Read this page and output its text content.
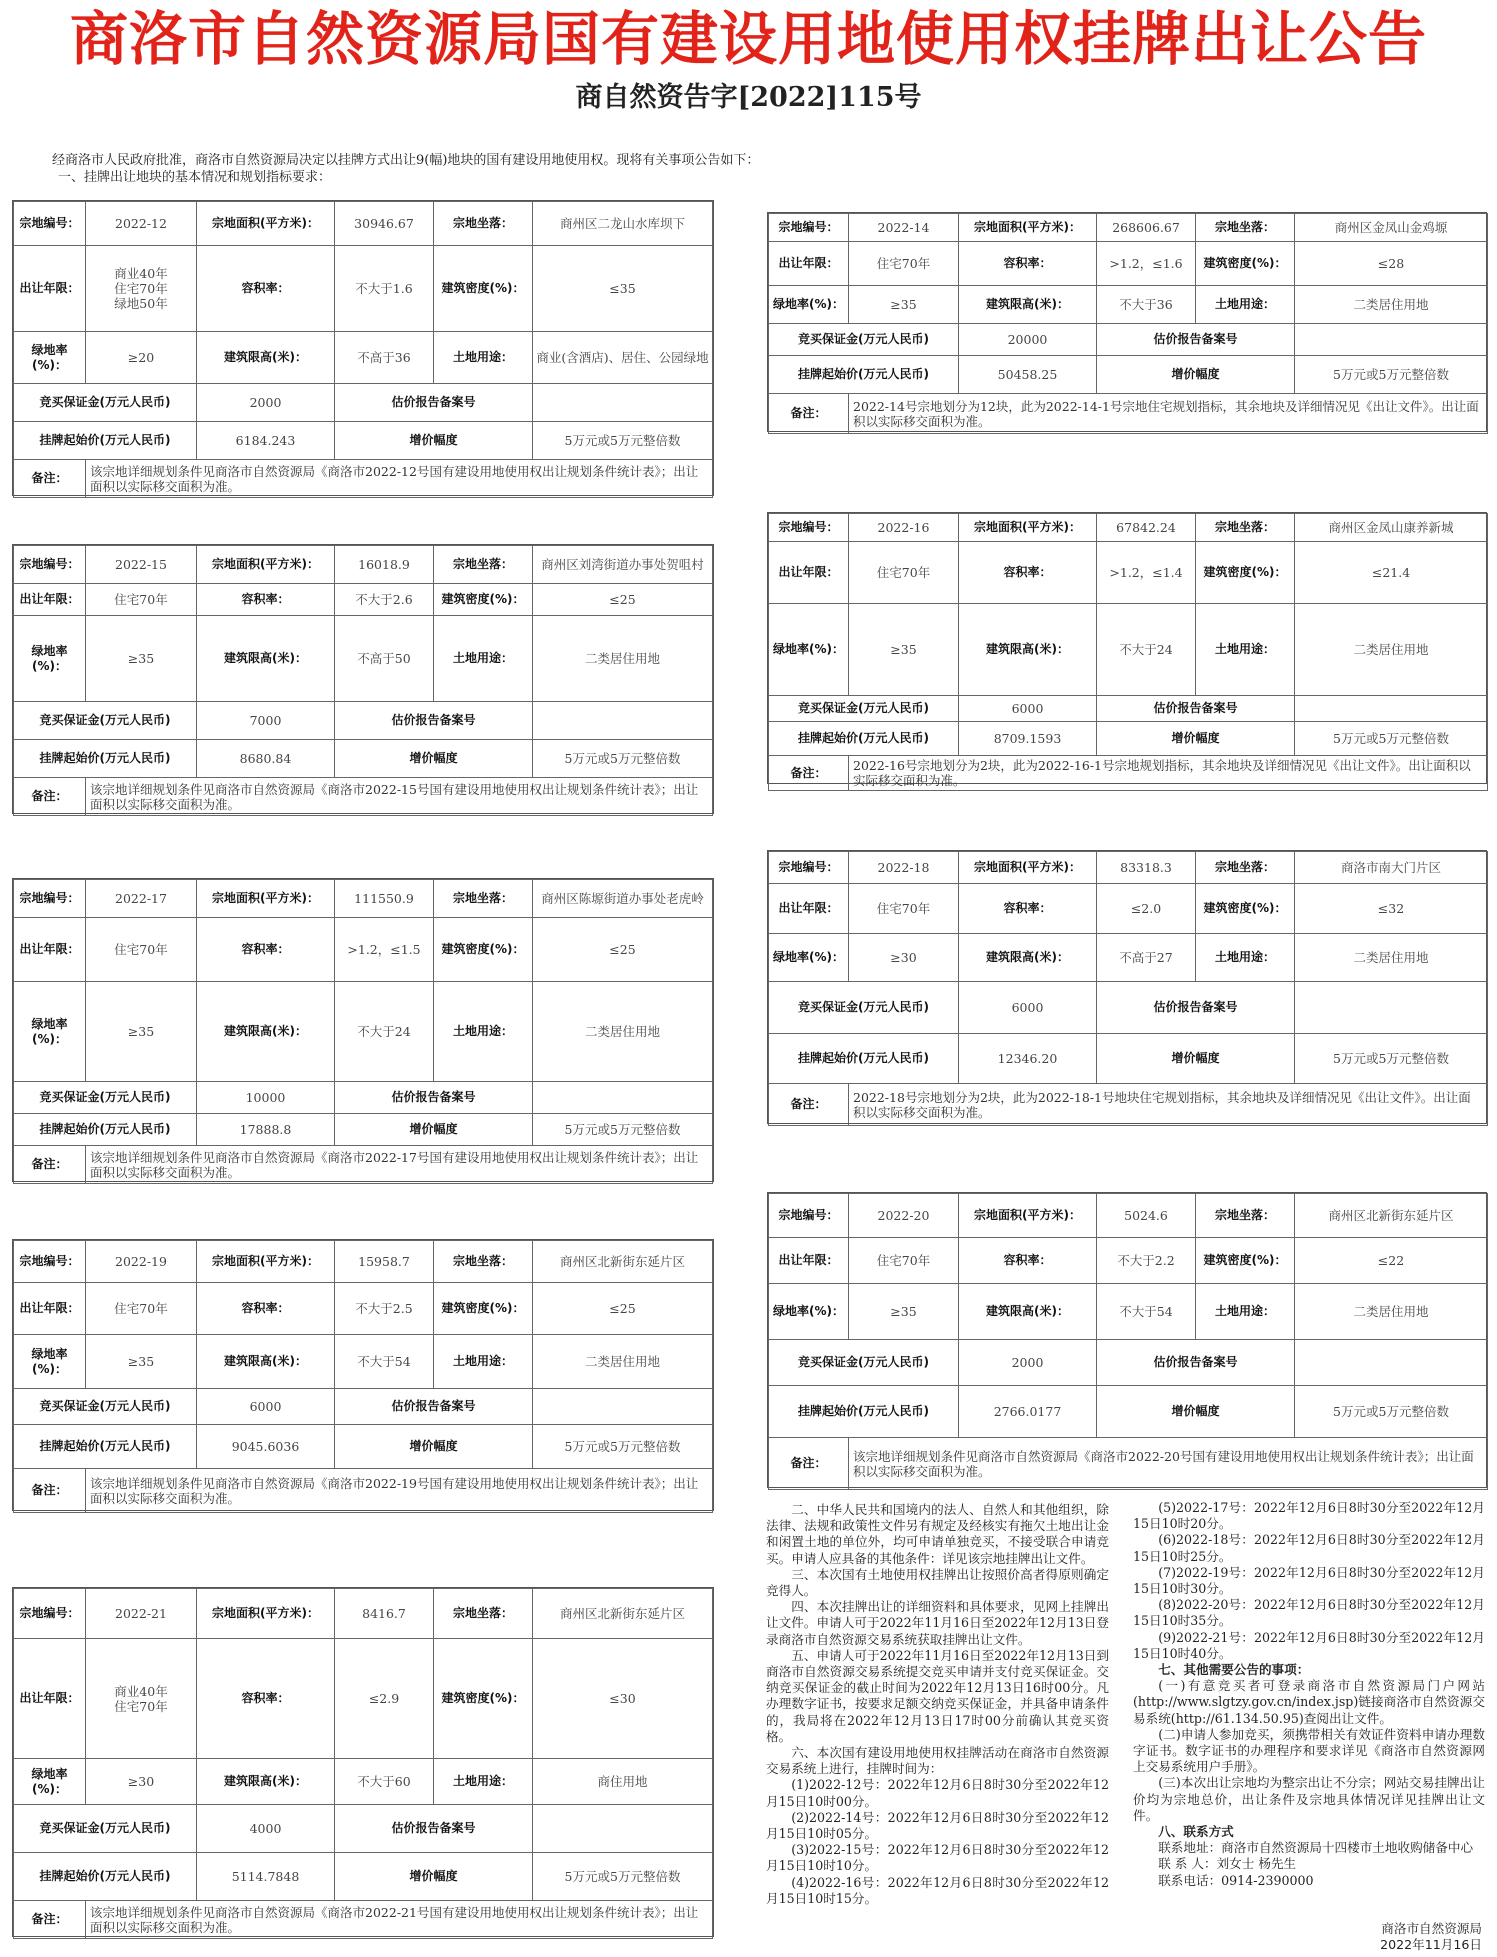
商洛市自然资源局国有建设用地使用权挂牌出让公告
商自然资告字[2022]115号

经商洛市人民政府批准，商洛市自然资源局决定以挂牌方式出让9(幅)地块的国有建设用地使用权。现将有关事项公告如下：

一、挂牌出让地块的基本情况和规划指标要求：

宗地编号：	2022-12	宗地面积(平方米)：	30946.67	宗地坐落：	商州区二龙山水库坝下
出让年限：	商业40年
住宅70年
绿地50年	容积率：	不大于1.6	建筑密度(%)：	≤35
绿地率(%)：	≥20	建筑限高(米)：	不高于36	土地用途：	商业(含酒店)、居住、公园绿地
竞买保证金(万元人民币)		2000	估价报告备案号		
挂牌起始价(万元人民币)		6184.243	增价幅度		5万元或5万元整倍数
备注：	该宗地详细规划条件见商洛市自然资源局《商洛市2022-12号国有建设用地使用权出让规划条件统计表》；出让面积以实际移交面积为准。				
宗地编号：	2022-15	宗地面积(平方米)：	16018.9	宗地坐落：	商州区刘湾街道办事处贺咀村
出让年限：	住宅70年	容积率：	不大于2.6	建筑密度(%)：	≤25
绿地率(%)：	≥35	建筑限高(米)：	不高于50	土地用途：	二类居住用地
竞买保证金(万元人民币)		7000	估价报告备案号		
挂牌起始价(万元人民币)		8680.84	增价幅度		5万元或5万元整倍数
备注：	该宗地详细规划条件见商洛市自然资源局《商洛市2022-15号国有建设用地使用权出让规划条件统计表》；出让面积以实际移交面积为准。				
宗地编号：	2022-17	宗地面积(平方米)：	111550.9	宗地坐落：	商州区陈塬街道办事处老虎岭
出让年限：	住宅70年	容积率：	>1.2，≤1.5	建筑密度(%)：	≤25
绿地率(%)：	≥35	建筑限高(米)：	不大于24	土地用途：	二类居住用地
竞买保证金(万元人民币)		10000	估价报告备案号		
挂牌起始价(万元人民币)		17888.8	增价幅度		5万元或5万元整倍数
备注：	该宗地详细规划条件见商洛市自然资源局《商洛市2022-17号国有建设用地使用权出让规划条件统计表》；出让面积以实际移交面积为准。				
宗地编号：	2022-19	宗地面积(平方米)：	15958.7	宗地坐落：	商州区北新街东延片区
出让年限：	住宅70年	容积率：	不大于2.5	建筑密度(%)：	≤25
绿地率(%)：	≥35	建筑限高(米)：	不大于54	土地用途：	二类居住用地
竞买保证金(万元人民币)		6000	估价报告备案号		
挂牌起始价(万元人民币)		9045.6036	增价幅度		5万元或5万元整倍数
备注：	该宗地详细规划条件见商洛市自然资源局《商洛市2022-19号国有建设用地使用权出让规划条件统计表》；出让面积以实际移交面积为准。				
宗地编号：	2022-21	宗地面积(平方米)：	8416.7	宗地坐落：	商州区北新街东延片区
出让年限：	商业40年
住宅70年	容积率：	≤2.9	建筑密度(%)：	≤30
绿地率(%)：	≥30	建筑限高(米)：	不大于60	土地用途：	商住用地
竞买保证金(万元人民币)		4000	估价报告备案号		
挂牌起始价(万元人民币)		5114.7848	增价幅度		5万元或5万元整倍数
备注：	该宗地详细规划条件见商洛市自然资源局《商洛市2022-21号国有建设用地使用权出让规划条件统计表》；出让面积以实际移交面积为准。				
宗地编号：	2022-14	宗地面积(平方米)：	268606.67	宗地坐落：	商州区金凤山金鸡塬
出让年限：	住宅70年	容积率：	>1.2，≤1.6	建筑密度(%)：	≤28
绿地率(%)：	≥35	建筑限高(米)：	不大于36	土地用途：	二类居住用地
竞买保证金(万元人民币)		20000	估价报告备案号		
挂牌起始价(万元人民币)		50458.25	增价幅度		5万元或5万元整倍数
备注：	2022-14号宗地划分为12块，此为2022-14-1号宗地住宅规划指标，其余地块及详细情况见《出让文件》。出让面积以实际移交面积为准。				
宗地编号：	2022-16	宗地面积(平方米)：	67842.24	宗地坐落：	商州区金凤山康养新城
出让年限：	住宅70年	容积率：	>1.2，≤1.4	建筑密度(%)：	≤21.4
绿地率(%)：	≥35	建筑限高(米)：	不大于24	土地用途：	二类居住用地
竞买保证金(万元人民币)		6000	估价报告备案号		
挂牌起始价(万元人民币)		8709.1593	增价幅度		5万元或5万元整倍数
备注：	2022-16号宗地划分为2块，此为2022-16-1号宗地规划指标，其余地块及详细情况见《出让文件》。出让面积以实际移交面积为准。				
宗地编号：	2022-18	宗地面积(平方米)：	83318.3	宗地坐落：	商洛市南大门片区
出让年限：	住宅70年	容积率：	≤2.0	建筑密度(%)：	≤32
绿地率(%)：	≥30	建筑限高(米)：	不高于27	土地用途：	二类居住用地
竞买保证金(万元人民币)		6000	估价报告备案号		
挂牌起始价(万元人民币)		12346.20	增价幅度		5万元或5万元整倍数
备注：	2022-18号宗地划分为2块，此为2022-18-1号地块住宅规划指标，其余地块及详细情况见《出让文件》。出让面积以实际移交面积为准。				
宗地编号：	2022-20	宗地面积(平方米)：	5024.6	宗地坐落：	商州区北新街东延片区
出让年限：	住宅70年	容积率：	不大于2.2	建筑密度(%)：	≤22
绿地率(%)：	≥35	建筑限高(米)：	不大于54	土地用途：	二类居住用地
竞买保证金(万元人民币)		2000	估价报告备案号		
挂牌起始价(万元人民币)		2766.0177	增价幅度		5万元或5万元整倍数
备注：	该宗地详细规划条件见商洛市自然资源局《商洛市2022-20号国有建设用地使用权出让规划条件统计表》；出让面积以实际移交面积为准。				

二、中华人民共和国境内的法人、自然人和其他组织，除法律、法规和政策性文件另有规定及经核实有拖欠土地出让金和闲置土地的单位外，均可申请单独竞买，不接受联合申请竞买。申请人应具备的其他条件：详见该宗地挂牌出让文件。

三、本次国有土地使用权挂牌出让按照价高者得原则确定竞得人。

四、本次挂牌出让的详细资料和具体要求，见网上挂牌出让文件。申请人可于2022年11月16日至2022年12月13日登录商洛市自然资源交易系统获取挂牌出让文件。

五、申请人可于2022年11月16日至2022年12月13日到商洛市自然资源交易系统提交竞买申请并支付竞买保证金。交纳竞买保证金的截止时间为2022年12月13日16时00分。凡办理数字证书，按要求足额交纳竞买保证金，并具备申请条件的，我局将在2022年12月13日17时00分前确认其竞买资格。

六、本次国有建设用地使用权挂牌活动在商洛市自然资源交易系统上进行，挂牌时间为：

(1)2022-12号：2022年12月6日8时30分至2022年12月15日10时00分。

(2)2022-14号：2022年12月6日8时30分至2022年12月15日10时05分。

(3)2022-15号：2022年12月6日8时30分至2022年12月15日10时10分。

(4)2022-16号：2022年12月6日8时30分至2022年12月15日10时15分。

(5)2022-17号：2022年12月6日8时30分至2022年12月15日10时20分。

(6)2022-18号：2022年12月6日8时30分至2022年12月15日10时25分。

(7)2022-19号：2022年12月6日8时30分至2022年12月15日10时30分。

(8)2022-20号：2022年12月6日8时30分至2022年12月15日10时35分。

(9)2022-21号：2022年12月6日8时30分至2022年12月15日10时40分。

七、其他需要公告的事项：

(一)有意竞买者可登录商洛市自然资源局门户网站(http://www.slgtzy.gov.cn/index.jsp)链接商洛市自然资源交易系统(http://61.134.50.95)查阅出让文件。

(二)申请人参加竞买，须携带相关有效证件资料申请办理数字证书。数字证书的办理程序和要求详见《商洛市自然资源网上交易系统用户手册》。

(三)本次出让宗地均为整宗出让不分宗；网站交易挂牌出让价均为宗地总价，出让条件及宗地具体情况详见挂牌出让文件。

八、联系方式

联系地址：商洛市自然资源局十四楼市土地收购储备中心

联 系 人：刘女士 杨先生

联系电话：0914-2390000

商洛市自然资源局
2022年11月16日
